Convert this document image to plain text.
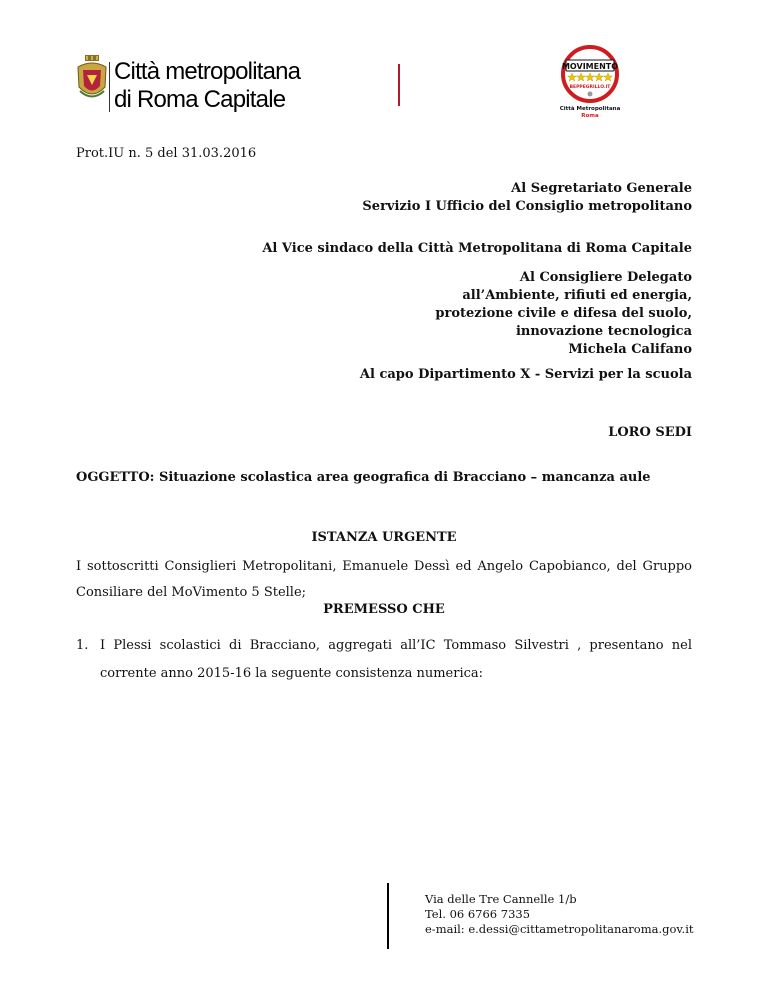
Città metropolitana
di Roma Capitale
MOVIMENTO
BEPPEGRILLO.IT
Città Metropolitana
Roma
Prot.IU n. 5 del 31.03.2016
Al Segretariato Generale
Servizio I Ufficio del Consiglio metropolitano
Al Vice sindaco della Città Metropolitana di Roma Capitale
Al Consigliere Delegato
all’Ambiente, rifiuti ed energia,
protezione civile e difesa del suolo,
innovazione tecnologica
Michela Califano
Al capo Dipartimento X - Servizi per la scuola
LORO SEDI
OGGETTO: Situazione scolastica area geografica di Bracciano – mancanza aule
ISTANZA URGENTE
I sottoscritti Consiglieri Metropolitani, Emanuele Dessì ed Angelo Capobianco, del Gruppo Consiliare del MoVimento 5 Stelle;
PREMESSO CHE
1. I Plessi scolastici di Bracciano, aggregati all’IC Tommaso Silvestri , presentano nel corrente anno 2015-16 la seguente consistenza numerica:
Via delle Tre Cannelle 1/b
Tel. 06 6766 7335
e-mail: e.dessi@cittametropolitanaroma.gov.it
